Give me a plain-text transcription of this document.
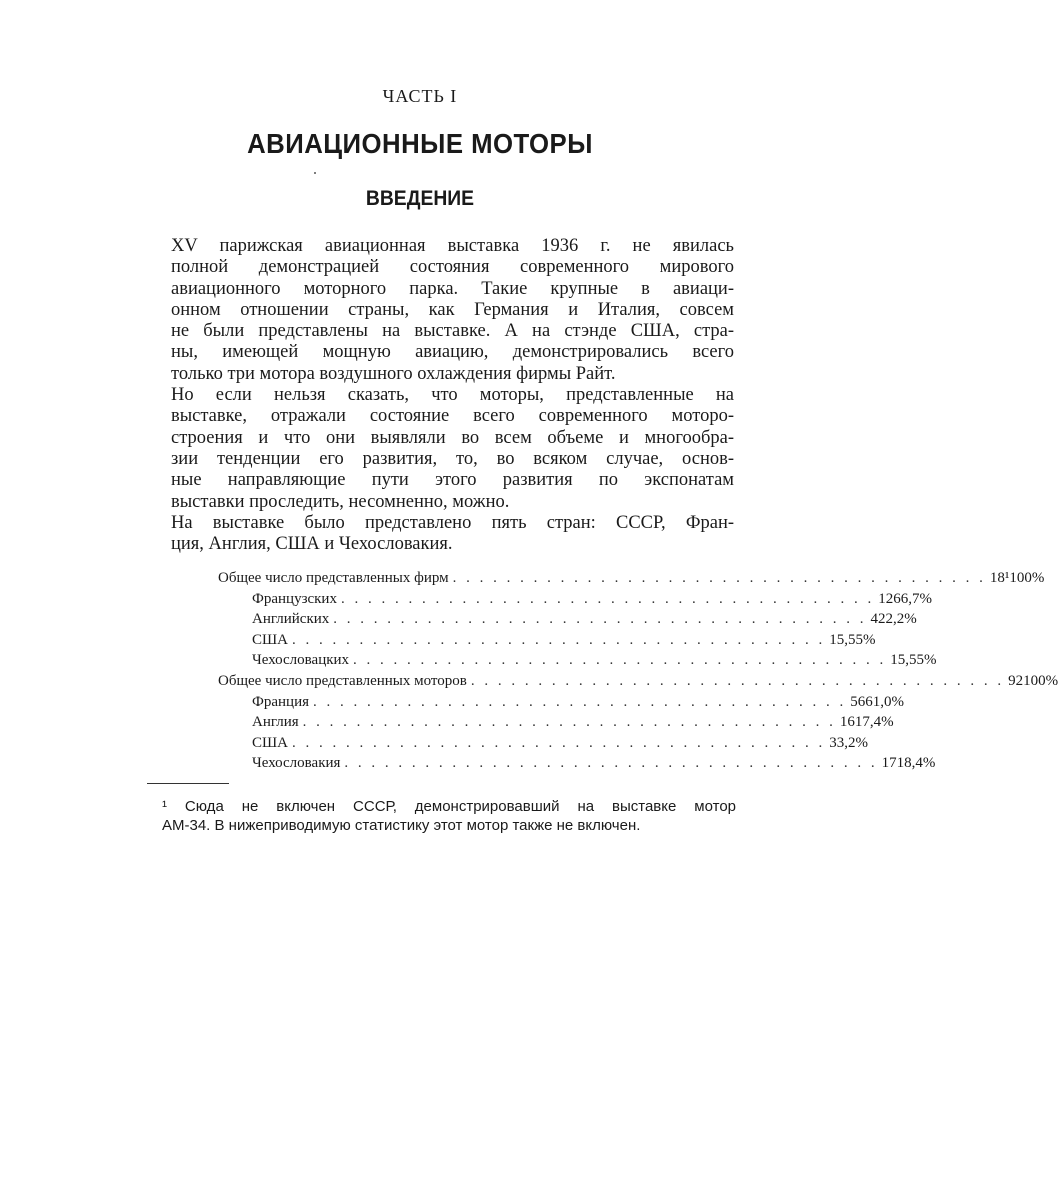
ЧАСТЬ I
АВИАЦИОННЫЕ МОТОРЫ
ВВЕДЕНИЕ

XV парижская авиационная выставка 1936 г. не явилась
полной демонстрацией состояния современного мирового
авиационного моторного парка. Такие крупные в авиаци-
онном отношении страны, как Германия и Италия, совсем
не были представлены на выставке. А на стэнде США, стра-
ны, имеющей мощную авиацию, демонстрировались всего
только три мотора воздушного охлаждения фирмы Райт.

Но если нельзя сказать, что моторы, представленные на
выставке, отражали состояние всего современного моторо-
строения и что они выявляли во всем объеме и многообра-
зии тенденции его развития, то, во всяком случае, основ-
ные направляющие пути этого развития по экспонатам
выставки проследить, несомненно, можно.

На выставке было представлено пять стран: СССР, Фран-
ция, Англия, США и Чехословакия.

Общее число представленных фирм . . . . . . . . . . . . . . . . . . . . . . . . . . . . . . . . . . . . . . . . 18¹ 100%
Французских . . . . . . . . . . . . . . . . . . . . . . . . . . . . . . . . . . . . . . . . 12 66,7%
Английских . . . . . . . . . . . . . . . . . . . . . . . . . . . . . . . . . . . . . . . . 4 22,2%
США . . . . . . . . . . . . . . . . . . . . . . . . . . . . . . . . . . . . . . . . 1 5,55%
Чехословацких . . . . . . . . . . . . . . . . . . . . . . . . . . . . . . . . . . . . . . . . 1 5,55%
Общее число представленных моторов . . . . . . . . . . . . . . . . . . . . . . . . . . . . . . . . . . . . . . . . 92 100%
Франция . . . . . . . . . . . . . . . . . . . . . . . . . . . . . . . . . . . . . . . . 56 61,0%
Англия . . . . . . . . . . . . . . . . . . . . . . . . . . . . . . . . . . . . . . . . 16 17,4%
США . . . . . . . . . . . . . . . . . . . . . . . . . . . . . . . . . . . . . . . . 3 3,2%
Чехословакия . . . . . . . . . . . . . . . . . . . . . . . . . . . . . . . . . . . . . . . . 17 18,4%
¹ Сюда не включен СССР, демонстрировавший на выставке мотор
АМ-34. В нижеприводимую статистику этот мотор также не включен.
